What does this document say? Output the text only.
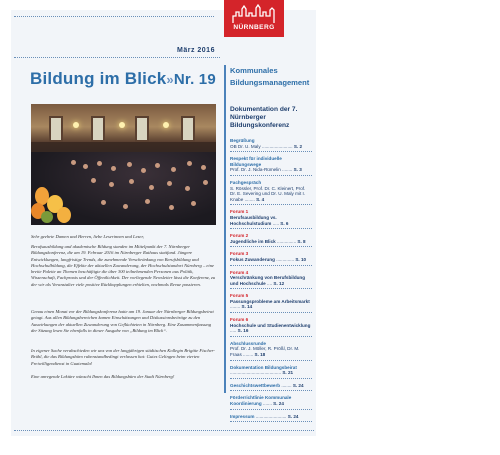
März 2016
Bildung im Blick»Nr. 19
NÜRNBERG
Kommunales
Bildungsmanagement
Sehr geehrte Damen und Herren, liebe Leserinnen und Leser,
Berufsausbildung und akademische Bildung standen im Mittelpunkt der 7. Nürnberger Bildungskonferenz, die am 19. Februar 2016 im Nürnberger Rathaus stattfand. Jüngere Entwicklungen, langfristige Trends, die zunehmende Verschränkung von Berufsbildung und Hochschulbildung, die Effekte der aktuellen Zuwanderung, der Hochschulstandort Nürnberg – eine breite Palette an Themen beschäftigte die über 300 teilnehmenden Personen aus Politik, Wissenschaft, Fachpraxis und der Öffentlichkeit. Der vorliegende Newsletter lässt die Konferenz, zu der wir als Veranstalter viele positive Rückkopplungen erhielten, nochmals Revue passieren.
Genau einen Monat vor der Bildungskonferenz hatte am 19. Januar der Nürnberger Bildungsbeirat getagt. Aus allen Bildungsbereichen kamen Einschätzungen und Diskussionsbeiträge zu den Auswirkungen der aktuellen Zuwanderung von Geflüchteten in Nürnberg. Eine Zusammenfassung der Sitzung lesen Sie ebenfalls in dieser Ausgabe von „Bildung im Blick“.
In eigener Sache verabschieden wir uns von der langjährigen städtischen Kollegin Brigitte Fischer-Brühl, die das Bildungsbüro rubenstandbedingt verlassen hat: Gutes Gelingen beim vierten Freiwilligendienst in Guatemala!
Eine anregende Lektüre wünscht Ihnen das Bildungsbüro der Stadt Nürnberg!
Dokumentation der 7. Nürnberger Bildungskonferenz
Begrüßung
OB Dr. U. Maly ........................ S. 2
Respekt für individuelle Bildungswege
Prof. Dr. J. Nida-Rümelin ........ S. 3
Fachgespräch
S. Rössler, Prof. Dr. C. Kleinert, Prof. Dr. E. Severing und Dr. U. Maly mit I. Knabe ........ S. 4
Forum 1
Berufsausbildung vs. Hochschulstudium ..... S. 6
Forum 2
Jugendliche im Blick ............... S. 8
Forum 3
Fokus Zuwanderung .............. S. 10
Forum 4
Verschränkung von Berufsbildung und Hochschule .... S. 12
Forum 5
Passungsprobleme am Arbeitsmarkt ........ S. 14
Forum 6
Hochschule und Studienentwicklung ..... S. 16
Abschlussrunde
Prof. Dr. J. Möller, R. Prößl, Dr. M. Fraas ........ S. 18
Dokumentation Bildungsbeirat
........................................ S. 21
Geschichtswettbewerb ........ S. 24
Förderrichtlinie Kommunale Koordinierung ....... S. 24
Impressum ........................ S. 24
